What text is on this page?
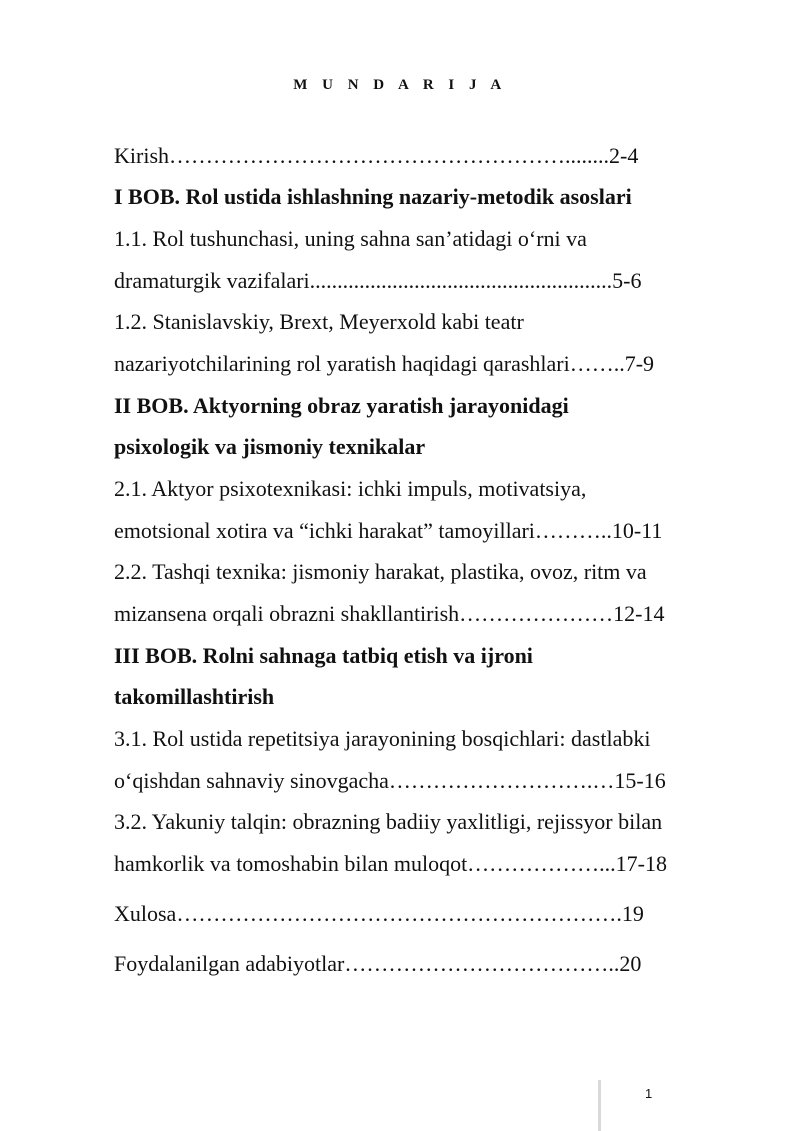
M U N D A R I J A
Kirish………………………………………………........2-4
I BOB. Rol ustida ishlashning nazariy-metodik asoslari
1.1. Rol tushunchasi, uning sahna san’atidagi o‘rni va
dramaturgik vazifalari.......................................................5-6
1.2. Stanislavskiy, Brext, Meyerxold kabi teatr
nazariyotchilarining rol yaratish haqidagi qarashlari……..7-9
II BOB. Aktyorning obraz yaratish jarayonidagi
psixologik va jismoniy texnikalar
2.1. Aktyor psixotexnikasi: ichki impuls, motivatsiya,
emotsional xotira va “ichki harakat” tamoyillari………..10-11
2.2. Tashqi texnika: jismoniy harakat, plastika, ovoz, ritm va
mizansena orqali obrazni shakllantirish…………………12-14
III BOB. Rolni sahnaga tatbiq etish va ijroni
takomillashtirish
3.1. Rol ustida repetitsiya jarayonining bosqichlari: dastlabki
o‘qishdan sahnaviy sinovgacha……………………….…15-16
3.2. Yakuniy talqin: obrazning badiiy yaxlitligi, rejissyor bilan
hamkorlik va tomoshabin bilan muloqot………………...17-18
Xulosa…………………………………………………….19
Foydalanilgan adabiyotlar………………………………..20
1
